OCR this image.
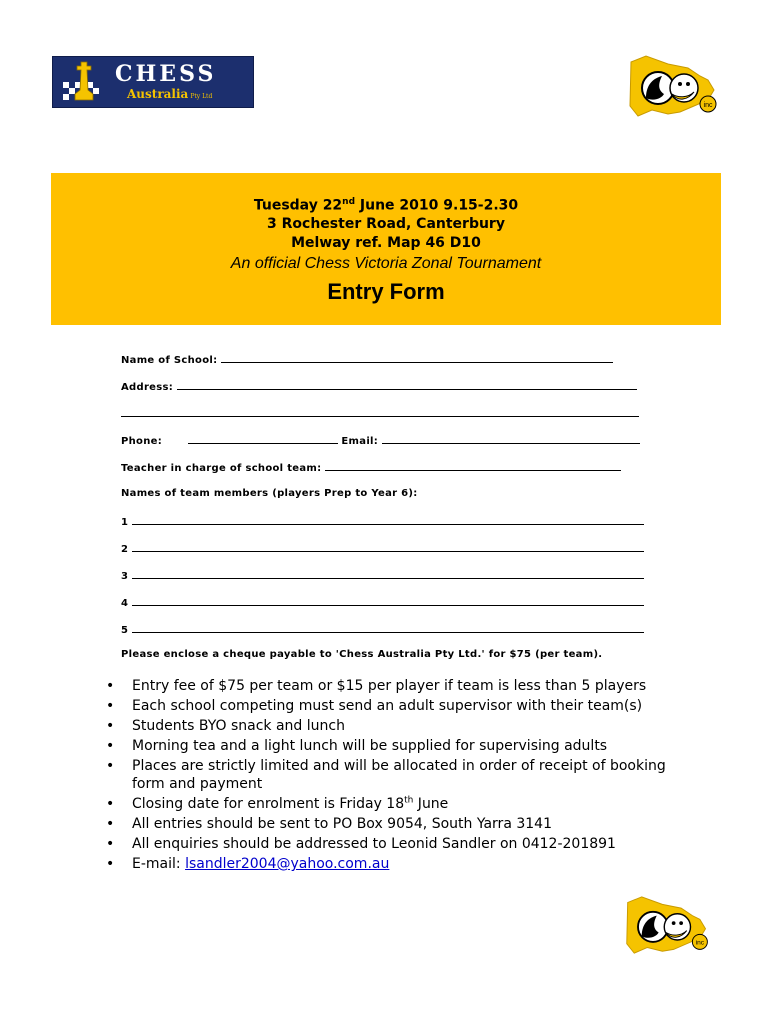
CHESS
Australia Pty Ltd
inc
Tuesday 22nd June 2010 9.15-2.30
3 Rochester Road, Canterbury
Melway ref. Map 46 D10
An official Chess Victoria Zonal Tournament
Entry Form
Name of School:
Address:
Phone:	Email:
Teacher in charge of school team:
Names of team members (players Prep to Year 6):
1
2
3
4
5
Please enclose a cheque payable to 'Chess Australia Pty Ltd.' for $75 (per team).
• Entry fee of $75 per team or $15 per player if team is less than 5 players
• Each school competing must send an adult supervisor with their team(s)
• Students BYO snack and lunch
• Morning tea and a light lunch will be supplied for supervising adults
• Places are strictly limited and will be allocated in order of receipt of booking form and payment
• Closing date for enrolment is Friday 18th June
• All entries should be sent to PO Box 9054, South Yarra 3141
• All enquiries should be addressed to Leonid Sandler on 0412-201891
• E-mail: lsandler2004@yahoo.com.au
inc
